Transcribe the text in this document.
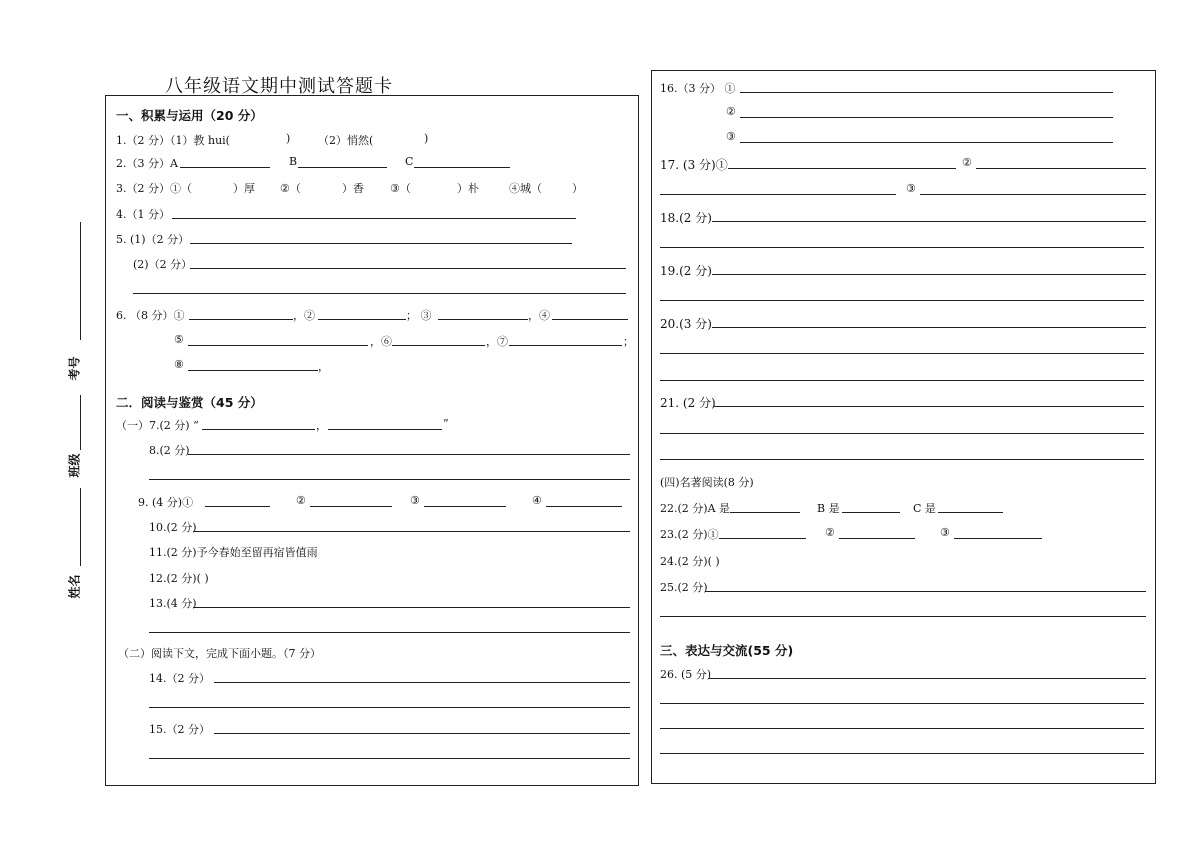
八年级语文期中测试答题卡
考号
班级
姓名
一、积累与运用（20 分）
1.（2 分）（1）教 hui(	)	（2）悄然(	)
2.（3 分）A	B	C
3.（2 分）①（	）厚 ②（	）香 ③（	）朴	④城（	）
4.（1 分）
5. (1)（2 分）
(2)（2 分）
6. （8 分）①	，②	； ③	，④
⑤	，⑥	，⑦	；
⑧	，
二．阅读与鉴赏（45 分）
（一）7.(2 分) “	，	”
8.(2 分)
9. (4 分)①	②	③	④
10.(2 分)
11.(2 分)予今春始至留再宿皆值雨
12.(2 分)( )
13.(4 分)
（二）阅读下文，完成下面小题。（7 分）
14.（2 分）
15.（2 分）
16.（3 分） ①
②
③
17. (3 分)①	②
③
18.(2 分)
19.(2 分)
20.(3 分)
21. (2 分)
(四)名著阅读(8 分)
22.(2 分)A 是	B 是	C 是
23.(2 分)①	②	③
24.(2 分)( )
25.(2 分)
三、表达与交流(55 分)
26. (5 分)
